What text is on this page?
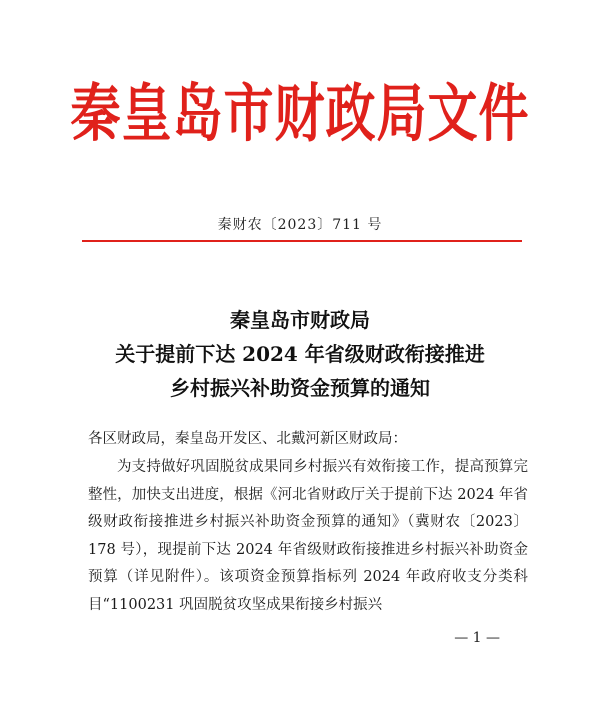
秦皇岛市财政局文件
秦财农〔2023〕711 号
秦皇岛市财政局
关于提前下达 2024 年省级财政衔接推进
乡村振兴补助资金预算的通知
各区财政局，秦皇岛开发区、北戴河新区财政局：
为支持做好巩固脱贫成果同乡村振兴有效衔接工作，提高预算完整性，加快支出进度，根据《河北省财政厅关于提前下达 2024 年省级财政衔接推进乡村振兴补助资金预算的通知》（冀财农〔2023〕178 号），现提前下达 2024 年省级财政衔接推进乡村振兴补助资金预算（详见附件）。该项资金预算指标列 2024 年政府收支分类科目“1100231 巩固脱贫攻坚成果衔接乡村振兴
— 1 —
